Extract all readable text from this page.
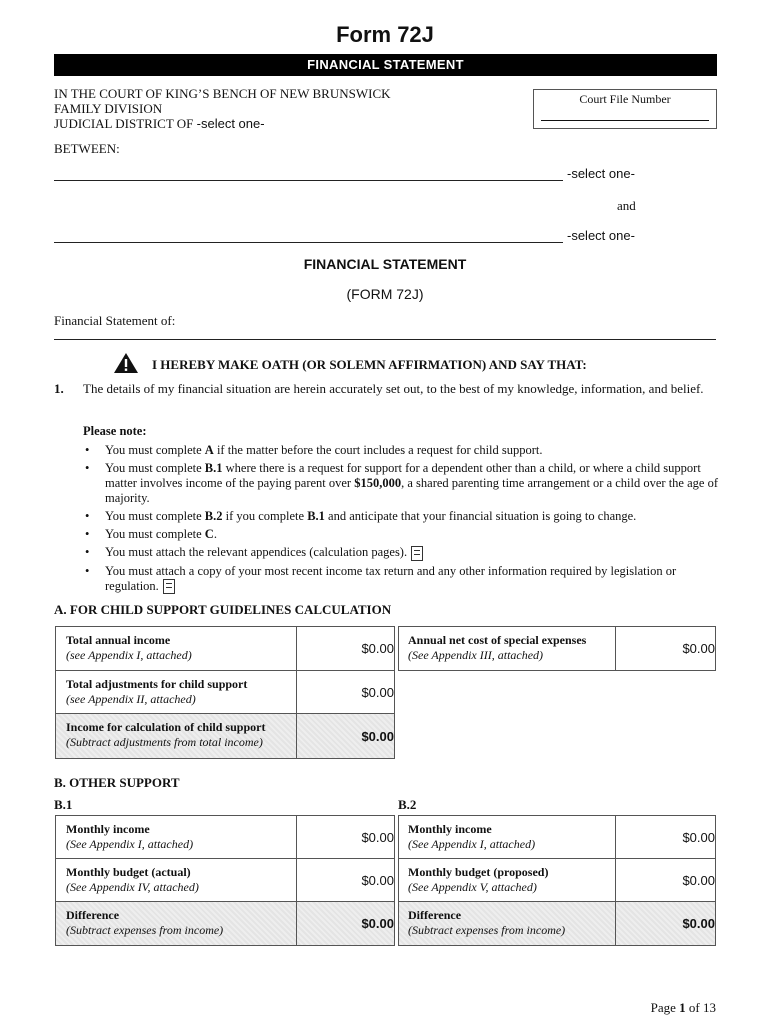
Form 72J
FINANCIAL STATEMENT
IN THE COURT OF KING’S BENCH OF NEW BRUNSWICK
FAMILY DIVISION
JUDICIAL DISTRICT OF -select one-
Court File Number
BETWEEN:
-select one-
and
-select one-
FINANCIAL STATEMENT
(FORM 72J)
Financial Statement of:
I HEREBY MAKE OATH (OR SOLEMN AFFIRMATION) AND SAY THAT:
1. The details of my financial situation are herein accurately set out, to the best of my knowledge, information, and belief.
Please note:
• You must complete A if the matter before the court includes a request for child support.
• You must complete B.1 where there is a request for support for a dependent other than a child, or where a child support matter involves income of the paying parent over $150,000, a shared parenting time arrangement or a child over the age of majority.
• You must complete B.2 if you complete B.1 and anticipate that your financial situation is going to change.
• You must complete C.
• You must attach the relevant appendices (calculation pages).
• You must attach a copy of your most recent income tax return and any other information required by legislation or regulation.
A. FOR CHILD SUPPORT GUIDELINES CALCULATION
Total annual income
(see Appendix I, attached)	$0.00

Total adjustments for child support
(see Appendix II, attached)	$0.00

Income for calculation of child support
(Subtract adjustments from total income)	$0.00
Annual net cost of special expenses
(See Appendix III, attached)	$0.00
B. OTHER SUPPORT
B.1	B.2
Monthly income
(See Appendix I, attached)	$0.00

Monthly budget (actual)
(See Appendix IV, attached)	$0.00

Difference
(Subtract expenses from income)	$0.00
Monthly income
(See Appendix I, attached)	$0.00

Monthly budget (proposed)
(See Appendix V, attached)	$0.00

Difference
(Subtract expenses from income)	$0.00
Page 1 of 13
